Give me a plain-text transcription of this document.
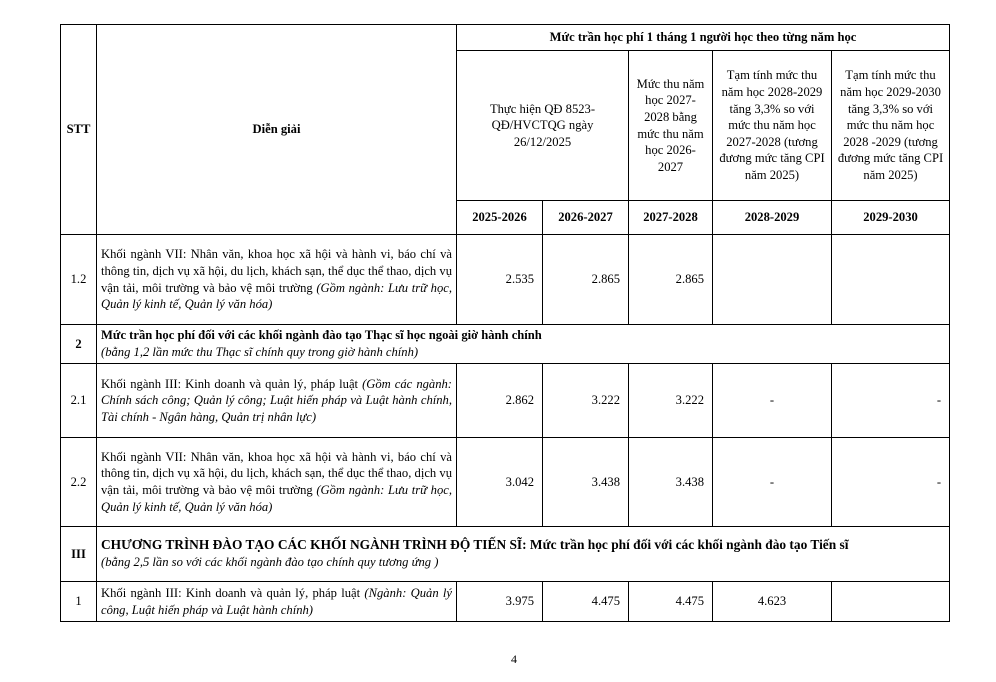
STT	Diễn giải	Mức trần học phí 1 tháng 1 người học theo từng năm học				
		Thực hiện QĐ 8523-QĐ/HVCTQG ngày 26/12/2025		Mức thu năm học 2027-2028 bằng mức thu năm học 2026-2027	Tạm tính mức thu năm học 2028-2029 tăng 3,3% so với mức thu năm học 2027-2028 (tương đương mức tăng CPI năm 2025)	Tạm tính mức thu năm học 2029-2030 tăng 3,3% so với mức thu năm học 2028 -2029 (tương đương mức tăng CPI năm 2025)
		2025-2026	2026-2027	2027-2028	2028-2029	2029-2030
1.2	Khối ngành VII: Nhân văn, khoa học xã hội và hành vi, báo chí và thông tin, dịch vụ xã hội, du lịch, khách sạn, thể dục thể thao, dịch vụ vận tải, môi trường và bảo vệ môi trường (Gồm ngành: Lưu trữ học, Quản lý kinh tế, Quản lý văn hóa)	2.535	2.865	2.865		
2	Mức trần học phí đối với các khối ngành đào tạo Thạc sĩ học ngoài giờ hành chính
(bằng 1,2 lần mức thu Thạc sĩ chính quy trong giờ hành chính)					

2.1	Khối ngành III: Kinh doanh và quản lý, pháp luật (Gồm các ngành: Chính sách công; Quản lý công; Luật hiến pháp và Luật hành chính, Tài chính - Ngân hàng, Quản trị nhân lực)	2.862	3.222	3.222	-	-
2.2	Khối ngành VII: Nhân văn, khoa học xã hội và hành vi, báo chí và thông tin, dịch vụ xã hội, du lịch, khách sạn, thể dục thể thao, dịch vụ vận tải, môi trường và bảo vệ môi trường (Gồm ngành: Lưu trữ học, Quản lý kinh tế, Quản lý văn hóa)	3.042	3.438	3.438	-	-
III	CHƯƠNG TRÌNH ĐÀO TẠO CÁC KHỐI NGÀNH TRÌNH ĐỘ TIẾN SĨ: Mức trần học phí đối với các khối ngành đào tạo Tiến sĩ
(bằng 2,5 lần so với các khối ngành đào tạo chính quy tương ứng )					

1	Khối ngành III: Kinh doanh và quản lý, pháp luật (Ngành: Quản lý công, Luật hiến pháp và Luật hành chính)	3.975	4.475	4.475	4.623	
4
